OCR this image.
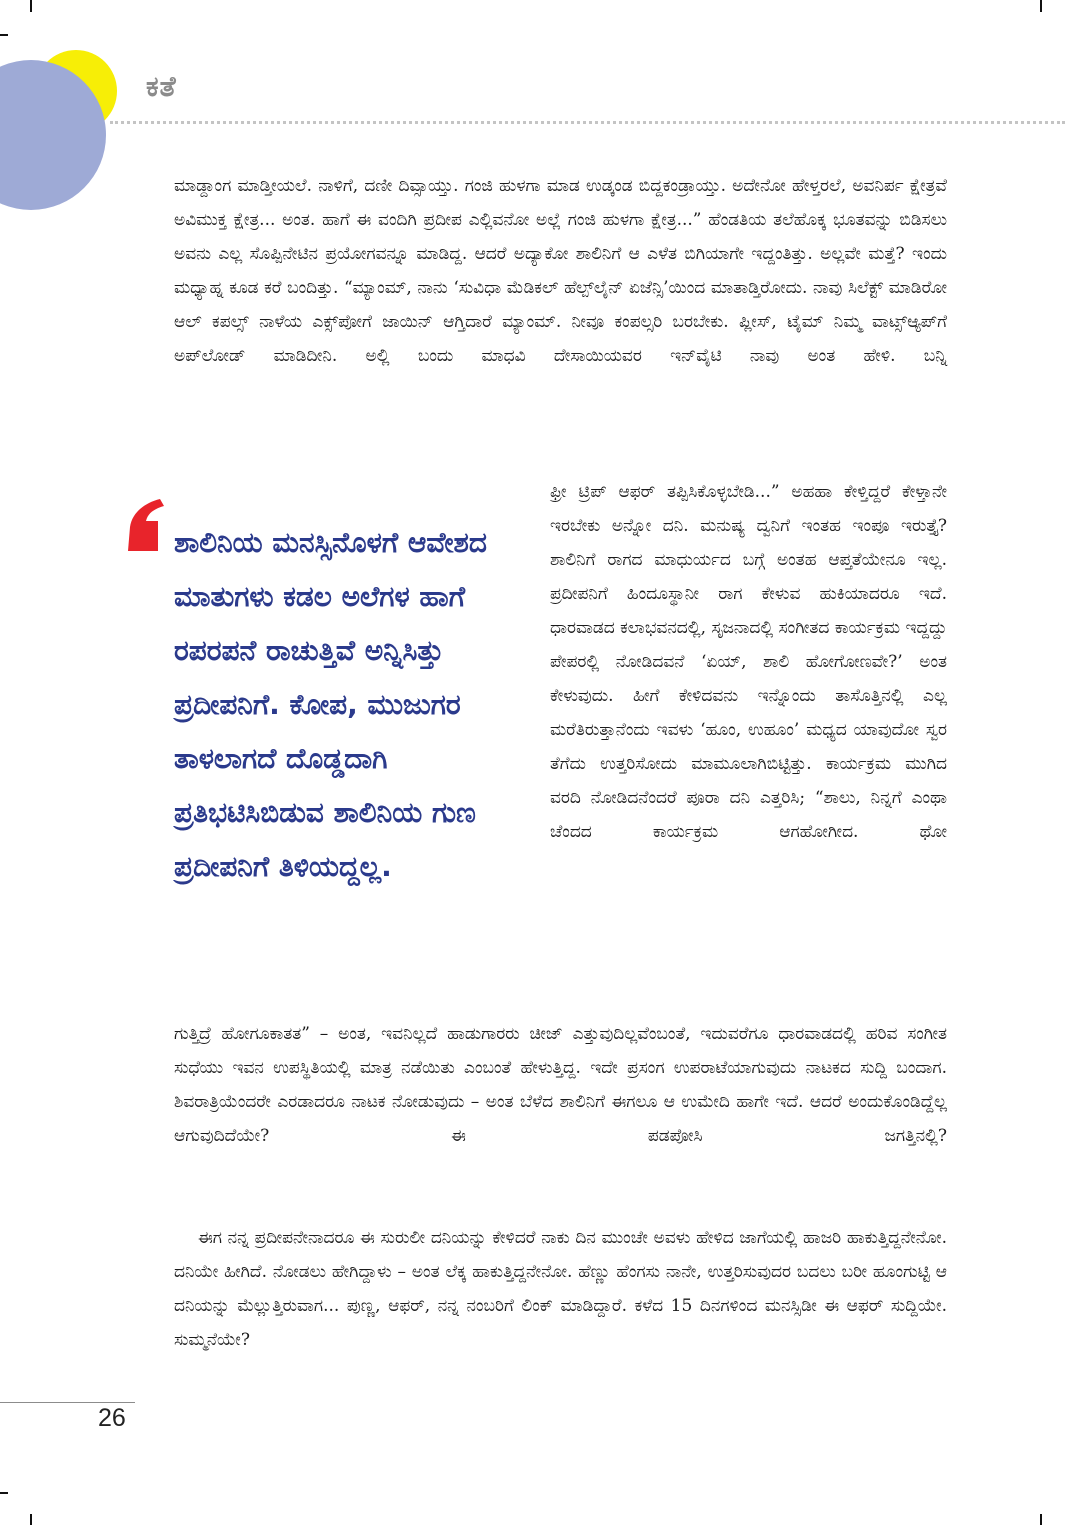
ಕತೆ

ಮಾಡ್ದಾಂಗ ಮಾಡ್ತೀಯಲೆ. ನಾಳಿಗೆ, ದಣೀ ದಿವ್ಸಾಯ್ತು. ಗಂಜಿ ಹುಳಗಾ ಮಾಡ ಉಡ್ಕಂಡ ಬಿದ್ದಕಂಡ್ರಾಯ್ತು. ಅದೇನೋ ಹೇಳ್ತರಲೆ, ಅವನಿರ್ಪ ಕ್ಷೇತ್ರವೆ ಅವಿಮುಕ್ತ ಕ್ಷೇತ್ರ... ಅಂತ. ಹಾಗೆ ಈ ವಂದಿಗಿ ಪ್ರದೀಪ ಎಲ್ಲಿವನೋ ಅಲ್ಲೆ ಗಂಜಿ ಹುಳಗಾ ಕ್ಷೇತ್ರ...” ಹೆಂಡತಿಯ ತಲೆಹೊಕ್ಕ ಭೂತವನ್ನು ಬಿಡಿಸಲು ಅವನು ಎಲ್ಲ ಸೊಪ್ಪಿನೇಟಿನ ಪ್ರಯೋಗವನ್ನೂ ಮಾಡಿದ್ದ. ಆದರೆ ಅದ್ಯಾಕೋ ಶಾಲಿನಿಗೆ ಆ ಎಳೆತ ಬಿಗಿಯಾಗೇ ಇದ್ದಂತಿತ್ತು. ಅಲ್ಲವೇ ಮತ್ತೆ? ಇಂದು ಮಧ್ಯಾಹ್ನ ಕೂಡ ಕರೆ ಬಂದಿತ್ತು. “ಮ್ಯಾಂಮ್, ನಾನು ‘ಸುವಿಧಾ ಮೆಡಿಕಲ್ ಹೆಲ್ಪ್‌ಲೈನ್ ಏಜೆನ್ಸಿ’ಯಿಂದ ಮಾತಾಡ್ತಿರೋದು. ನಾವು ಸಿಲೆಕ್ಟ್ ಮಾಡಿರೋ ಆಲ್ ಕಪಲ್ಸ್ ನಾಳೆಯ ಎಕ್ಸ್‌ಪೋಗೆ ಜಾಯಿನ್ ಆಗ್ತಿದಾರೆ ಮ್ಯಾಂಮ್. ನೀವೂ ಕಂಪಲ್ಸರಿ ಬರಬೇಕು. ಪ್ಲೀಸ್, ಟೈಮ್ ನಿಮ್ಮ ವಾಟ್ಸ್‌ಆ್ಯಪ್‌ಗೆ ಅಪ್‌ಲೋಡ್ ಮಾಡಿದೀನಿ. ಅಲ್ಲಿ ಬಂದು ಮಾಧವಿ ದೇಸಾಯಿಯವರ ಇನ್‌ವೈಟಿ ನಾವು ಅಂತ ಹೇಳಿ. ಬನ್ನಿ

ಶಾಲಿನಿಯ ಮನಸ್ಸಿನೊಳಗೆ ಆವೇಶದ ಮಾತುಗಳು ಕಡಲ ಅಲೆಗಳ ಹಾಗೆ ರಪರಪನೆ ರಾಚುತ್ತಿವೆ ಅನ್ನಿಸಿತ್ತು ಪ್ರದೀಪನಿಗೆ. ಕೋಪ, ಮುಜುಗರ ತಾಳಲಾಗದೆ ದೊಡ್ಡದಾಗಿ ಪ್ರತಿಭಟಿಸಿಬಿಡುವ ಶಾಲಿನಿಯ ಗುಣ ಪ್ರದೀಪನಿಗೆ ತಿಳಿಯದ್ದಲ್ಲ.

ಫ್ರೀ ಟ್ರಿಪ್ ಆಫರ್ ತಪ್ಪಿಸಿಕೊಳ್ಳಬೇಡಿ...” ಅಹಹಾ ಕೇಳ್ತಿದ್ದರೆ ಕೇಳ್ತಾನೇ ಇರಬೇಕು ಅನ್ನೋ ದನಿ. ಮನುಷ್ಯ ದ್ವನಿಗೆ ಇಂತಹ ಇಂಪೂ ಇರುತ್ತೈ? ಶಾಲಿನಿಗೆ ರಾಗದ ಮಾಧುರ್ಯದ ಬಗ್ಗೆ ಅಂತಹ ಆಪ್ತತೆಯೇನೂ ಇಲ್ಲ. ಪ್ರದೀಪನಿಗೆ ಹಿಂದೂಸ್ಥಾನೀ ರಾಗ ಕೇಳುವ ಹುಕಿಯಾದರೂ ಇದೆ. ಧಾರವಾಡದ ಕಲಾಭವನದಲ್ಲಿ, ಸೃಜನಾದಲ್ಲಿ ಸಂಗೀತದ ಕಾರ್ಯಕ್ರಮ ಇದ್ದದ್ದು ಪೇಪರಲ್ಲಿ ನೋಡಿದವನೆ ‘ಏಯ್, ಶಾಲಿ ಹೋಗೋಣವೇ?’ ಅಂತ ಕೇಳುವುದು. ಹೀಗೆ ಕೇಳಿದವನು ಇನ್ನೊಂದು ತಾಸೊತ್ತಿನಲ್ಲಿ ಎಲ್ಲ ಮರೆತಿರುತ್ತಾನೆಂದು ಇವಳು ‘ಹೂಂ, ಉಹೂಂ’ ಮಧ್ಯದ ಯಾವುದೋ ಸ್ವರ ತೆಗೆದು ಉತ್ತರಿಸೋದು ಮಾಮೂಲಾಗಿಬಿಟ್ಟಿತ್ತು. ಕಾರ್ಯಕ್ರಮ ಮುಗಿದ ವರದಿ ನೋಡಿದನೆಂದರೆ ಪೂರಾ ದನಿ ಎತ್ತರಿಸಿ; “ಶಾಲು, ನಿನ್ನಗೆ ಎಂಥಾ ಚೆಂದದ ಕಾರ್ಯಕ್ರಮ ಆಗಹೋಗೀದ. ಥೋ

ಗುತ್ತಿದ್ರೆ ಹೋಗೂಕಾತತ” – ಅಂತ, ಇವನಿಲ್ಲದೆ ಹಾಡುಗಾರರು ಚೀಜ್ ಎತ್ತುವುದಿಲ್ಲವೆಂಬಂತೆ, ಇದುವರೆಗೂ ಧಾರವಾಡದಲ್ಲಿ ಹರಿವ ಸಂಗೀತ ಸುಧೆಯು ಇವನ ಉಪಸ್ಥಿತಿಯಲ್ಲಿ ಮಾತ್ರ ನಡೆಯಿತು ಎಂಬಂತೆ ಹೇಳುತ್ತಿದ್ದ. ಇದೇ ಪ್ರಸಂಗ ಉಪರಾಟೆಯಾಗುವುದು ನಾಟಕದ ಸುದ್ದಿ ಬಂದಾಗ. ಶಿವರಾತ್ರಿಯೆಂದರೇ ಎರಡಾದರೂ ನಾಟಕ ನೋಡುವುದು – ಅಂತ ಬೆಳೆದ ಶಾಲಿನಿಗೆ ಈಗಲೂ ಆ ಉಮೇದಿ ಹಾಗೇ ಇದೆ. ಆದರೆ ಅಂದುಕೊಂಡಿದ್ದೆಲ್ಲ ಆಗುವುದಿದೆಯೇ? ಈ ಪಡಪೋಸಿ ಜಗತ್ತಿನಲ್ಲಿ?

ಈಗ ನನ್ನ ಪ್ರದೀಪನೇನಾದರೂ ಈ ಸುರುಲೀ ದನಿಯನ್ನು ಕೇಳಿದರೆ ನಾಕು ದಿನ ಮುಂಚೇ ಅವಳು ಹೇಳಿದ ಜಾಗೆಯಲ್ಲಿ ಹಾಜರಿ ಹಾಕುತ್ತಿದ್ದನೇನೋ. ದನಿಯೇ ಹೀಗಿದೆ. ನೋಡಲು ಹೇಗಿದ್ದಾಳು – ಅಂತ ಲೆಕ್ಕ ಹಾಕುತ್ತಿದ್ದನೇನೋ. ಹೆಣ್ಣು ಹೆಂಗಸು ನಾನೇ, ಉತ್ತರಿಸುವುದರ ಬದಲು ಬರೀ ಹೂಂಗುಟ್ಟಿ ಆ ದನಿಯನ್ನು ಮೆಲ್ಲುತ್ತಿರುವಾಗ... ಪುಣ್ಣ, ಆಫರ್, ನನ್ನ ನಂಬರಿಗೆ ಲಿಂಕ್ ಮಾಡಿದ್ದಾರೆ. ಕಳೆದ 15 ದಿನಗಳಿಂದ ಮನಸ್ಸಿಡೀ ಈ ಆಫರ್ ಸುದ್ದಿಯೇ. ಸುಮ್ಮನೆಯೇ?

26
